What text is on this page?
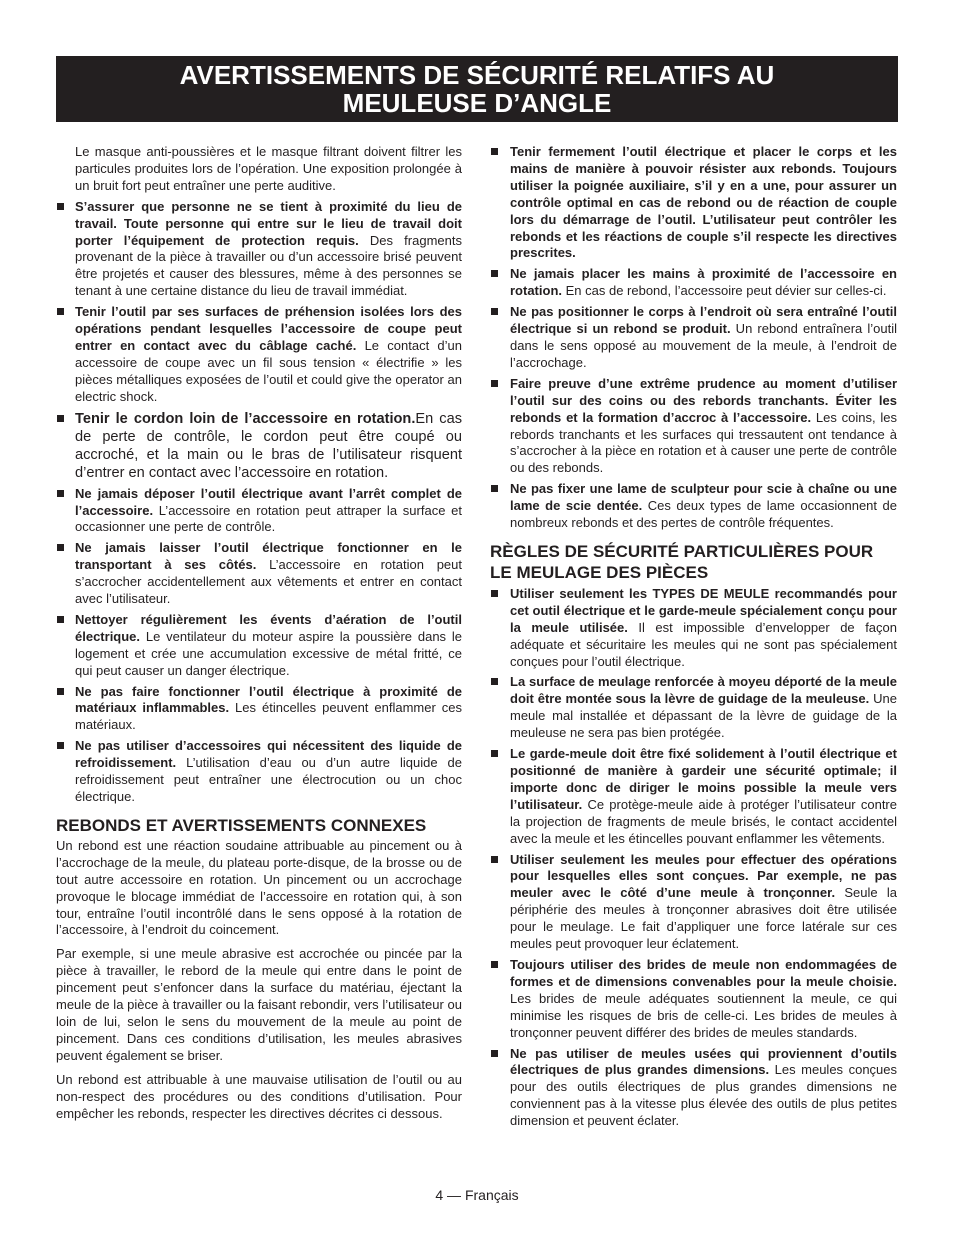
AVERTISSEMENTS DE SÉCURITÉ RELATIFS AU
MEULEUSE D’ANGLE

Le masque anti-poussières et le masque filtrant doivent filtrer les particules produites lors de l’opération. Une exposition prolongée à un bruit fort peut entraîner une perte auditive.

S’assurer que personne ne se tient à proximité du lieu de travail. Toute personne qui entre sur le lieu de travail doit porter l’équipement de protection requis. Des fragments provenant de la pièce à travailler ou d’un accessoire brisé peuvent être projetés et causer des blessures, même à des personnes se tenant à une certaine distance du lieu de travail immédiat.
Tenir l’outil par ses surfaces de préhension isolées lors des opérations pendant lesquelles l’accessoire de coupe peut entrer en contact avec du câblage caché. Le contact d’un accessoire de coupe avec un fil sous tension « électrifie » les pièces métalliques exposées de l’outil et could give the operator an electric shock.
Tenir le cordon loin de l’accessoire en rotation.En cas de perte de contrôle, le cordon peut être coupé ou accroché, et la main ou le bras de l’utilisateur risquent d’entrer en contact avec l’accessoire en rotation.
Ne jamais déposer l’outil électrique avant l’arrêt complet de l’accessoire. L’accessoire en rotation peut attraper la surface et occasionner une perte de contrôle.
Ne jamais laisser l’outil électrique fonctionner en le transportant à ses côtés. L’accessoire en rotation peut s’accrocher accidentellement aux vêtements et entrer en contact avec l’utilisateur.
Nettoyer régulièrement les évents d’aération de l’outil électrique. Le ventilateur du moteur aspire la poussière dans le logement et crée une accumulation excessive de métal fritté, ce qui peut causer un danger électrique.
Ne pas faire fonctionner l’outil électrique à proximité de matériaux inflammables. Les étincelles peuvent enflammer ces matériaux.
Ne pas utiliser d’accessoires qui nécessitent des liquide de refroidissement. L’utilisation d’eau ou d’un autre liquide de refroidissement peut entraîner une électrocution ou un choc électrique.
REBONDS ET AVERTISSEMENTS CONNEXES

Un rebond est une réaction soudaine attribuable au pincement ou à l’accrochage de la meule, du plateau porte-disque, de la brosse ou de tout autre accessoire en rotation. Un pincement ou un accrochage provoque le blocage immédiat de l’accessoire en rotation qui, à son tour, entraîne l’outil incontrôlé dans le sens opposé à la rotation de l’accessoire, à l’endroit du coincement.

Par exemple, si une meule abrasive est accrochée ou pincée par la pièce à travailler, le rebord de la meule qui entre dans le point de pincement peut s’enfoncer dans la surface du matériau, éjectant la meule de la pièce à travailler ou la faisant rebondir, vers l’utilisateur ou loin de lui, selon le sens du mouvement de la meule au point de pincement. Dans ces conditions d’utilisation, les meules abrasives peuvent également se briser.

Un rebond est attribuable à une mauvaise utilisation de l’outil ou au non-respect des procédures ou des conditions d’utilisation. Pour empêcher les rebonds, respecter les directives décrites ci dessous.

Tenir fermement l’outil électrique et placer le corps et les mains de manière à pouvoir résister aux rebonds. Toujours utiliser la poignée auxiliaire, s’il y en a une, pour assurer un contrôle optimal en cas de rebond ou de réaction de couple lors du démarrage de l’outil. L’utilisateur peut contrôler les rebonds et les réactions de couple s’il respecte les directives prescrites.
Ne jamais placer les mains à proximité de l’accessoire en rotation. En cas de rebond, l’accessoire peut dévier sur celles-ci.
Ne pas positionner le corps à l’endroit où sera entraîné l’outil électrique si un rebond se produit. Un rebond entraînera l’outil dans le sens opposé au mouvement de la meule, à l’endroit de l’accrochage.
Faire preuve d’une extrême prudence au moment d’utiliser l’outil sur des coins ou des rebords tranchants. Éviter les rebonds et la formation d’accroc à l’accessoire. Les coins, les rebords tranchants et les surfaces qui tressautent ont tendance à s’accrocher à la pièce en rotation et à causer une perte de contrôle ou des rebonds.
Ne pas fixer une lame de sculpteur pour scie à chaîne ou une lame de scie dentée. Ces deux types de lame occasionnent de nombreux rebonds et des pertes de contrôle fréquentes.
RÈGLES DE SÉCURITÉ PARTICULIÈRES POUR LE MEULAGE DES PIÈCES
Utiliser seulement les TYPES DE MEULE recommandés pour cet outil électrique et le garde-meule spécialement conçu pour la meule utilisée. Il est impossible d’envelopper de façon adéquate et sécuritaire les meules qui ne sont pas spécialement conçues pour l’outil électrique.
La surface de meulage renforcée à moyeu déporté de la meule doit être montée sous la lèvre de guidage de la meuleuse. Une meule mal installée et dépassant de la lèvre de guidage de la meuleuse ne sera pas bien protégée.
Le garde-meule doit être fixé solidement à l’outil électrique et positionné de manière à gardeir une sécurité optimale; il importe donc de diriger le moins possible la meule vers l’utilisateur. Ce protège-meule aide à protéger l’utilisateur contre la projection de fragments de meule brisés, le contact accidentel avec la meule et les étincelles pouvant enflammer les vêtements.
Utiliser seulement les meules pour effectuer des opérations pour lesquelles elles sont conçues. Par exemple, ne pas meuler avec le côté d’une meule à tronçonner. Seule la périphérie des meules à tronçonner abrasives doit être utilisée pour le meulage. Le fait d’appliquer une force latérale sur ces meules peut provoquer leur éclatement.
Toujours utiliser des brides de meule non endommagées de formes et de dimensions convenables pour la meule choisie. Les brides de meule adéquates soutiennent la meule, ce qui minimise les risques de bris de celle-ci. Les brides de meules à tronçonner peuvent différer des brides de meules standards.
Ne pas utiliser de meules usées qui proviennent d’outils électriques de plus grandes dimensions. Les meules conçues pour des outils électriques de plus grandes dimensions ne conviennent pas à la vitesse plus élevée des outils de plus petites dimension et peuvent éclater.
4 — Français
